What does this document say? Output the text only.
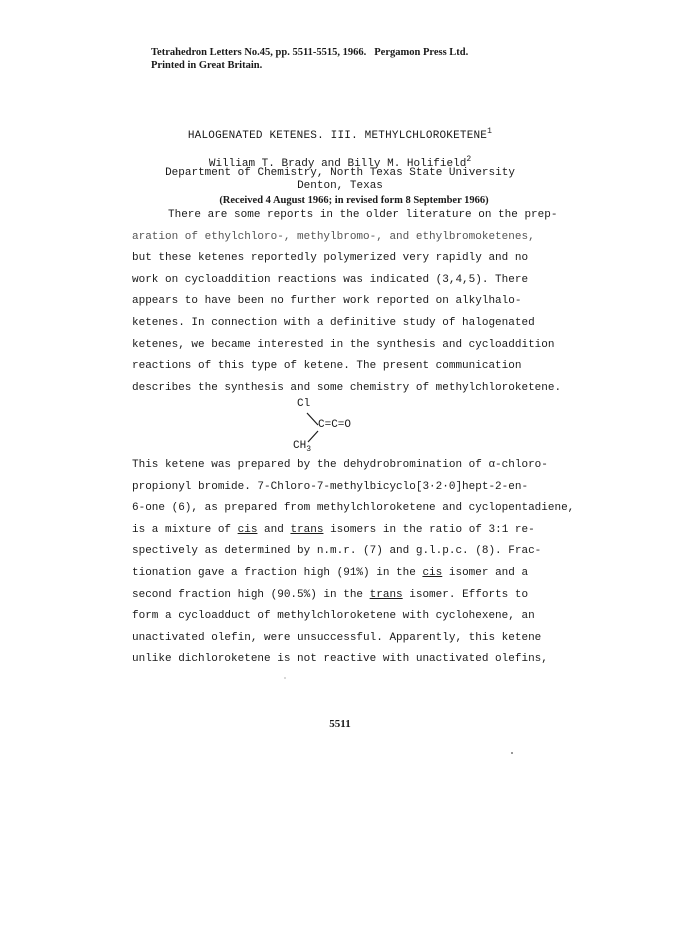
Tetrahedron Letters No.45, pp. 5511-5515, 1966. Pergamon Press Ltd.
Printed in Great Britain.
HALOGENATED KETENES. III. METHYLCHLOROKETENE$^1$
William T. Brady and Billy M. Holifield$^2$
Department of Chemistry, North Texas State University
Denton, Texas
(Received 4 August 1966; in revised form 8 September 1966)
There are some reports in the older literature on the prep-
aration of ethylchloro-, methylbromo-, and ethylbromoketenes,
but these ketenes reportedly polymerized very rapidly and no
work on cycloaddition reactions was indicated (3,4,5). There
appears to have been no further work reported on alkylhalo-
ketenes. In connection with a definitive study of halogenated
ketenes, we became interested in the synthesis and cycloaddition
reactions of this type of ketene. The present communication
describes the synthesis and some chemistry of methylchloroketene.
Cl
C=C=O
$CH_3$
This ketene was prepared by the dehydrobromination of α-chloro-
propionyl bromide. 7-Chloro-7-methylbicyclo[3·2·0]hept-2-en-
6-one (6), as prepared from methylchloroketene and cyclopentadiene,
is a mixture of cis and trans isomers in the ratio of 3:1 re-
spectively as determined by n.m.r. (7) and g.l.p.c. (8). Frac-
tionation gave a fraction high (91%) in the cis isomer and a
second fraction high (90.5%) in the trans isomer. Efforts to
form a cycloadduct of methylchloroketene with cyclohexene, an
unactivated olefin, were unsuccessful. Apparently, this ketene
unlike dichloroketene is not reactive with unactivated olefins,
5511
